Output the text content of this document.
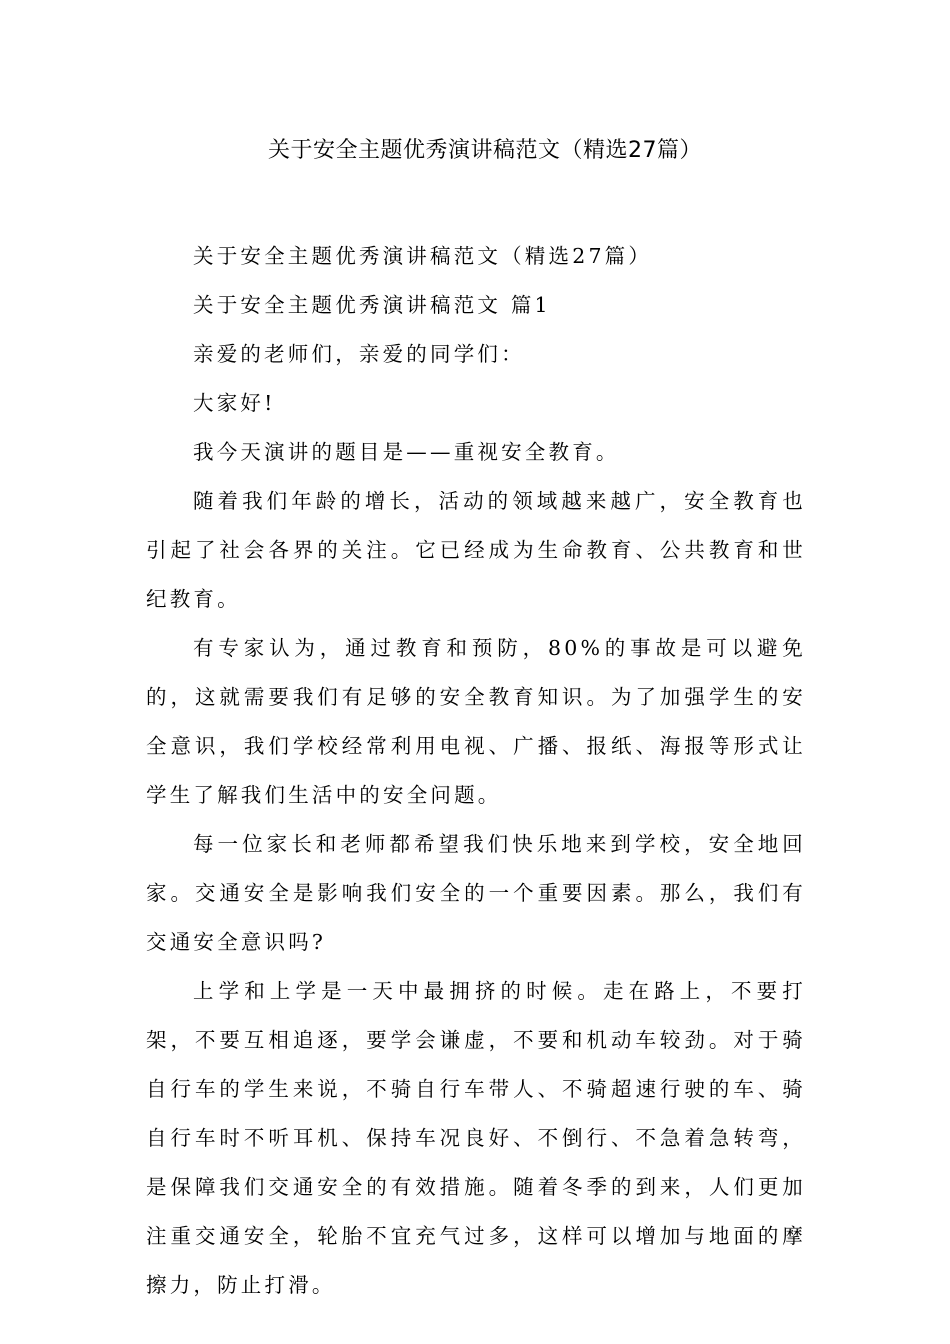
关于安全主题优秀演讲稿范文（精选27篇）

关于安全主题优秀演讲稿范文（精选27篇）

关于安全主题优秀演讲稿范文 篇1

亲爱的老师们，亲爱的同学们：

大家好!

我今天演讲的题目是——重视安全教育。

随着我们年龄的增长，活动的领域越来越广，安全教育也引起了社会各界的关注。它已经成为生命教育、公共教育和世纪教育。

有专家认为，通过教育和预防，80%的事故是可以避免的，这就需要我们有足够的安全教育知识。为了加强学生的安全意识，我们学校经常利用电视、广播、报纸、海报等形式让学生了解我们生活中的安全问题。

每一位家长和老师都希望我们快乐地来到学校，安全地回家。交通安全是影响我们安全的一个重要因素。那么，我们有交通安全意识吗?

上学和上学是一天中最拥挤的时候。走在路上，不要打架，不要互相追逐，要学会谦虚，不要和机动车较劲。对于骑自行车的学生来说，不骑自行车带人、不骑超速行驶的车、骑自行车时不听耳机、保持车况良好、不倒行、不急着急转弯，是保障我们交通安全的有效措施。随着冬季的到来，人们更加注重交通安全，轮胎不宜充气过多，这样可以增加与地面的摩擦力，防止打滑。
